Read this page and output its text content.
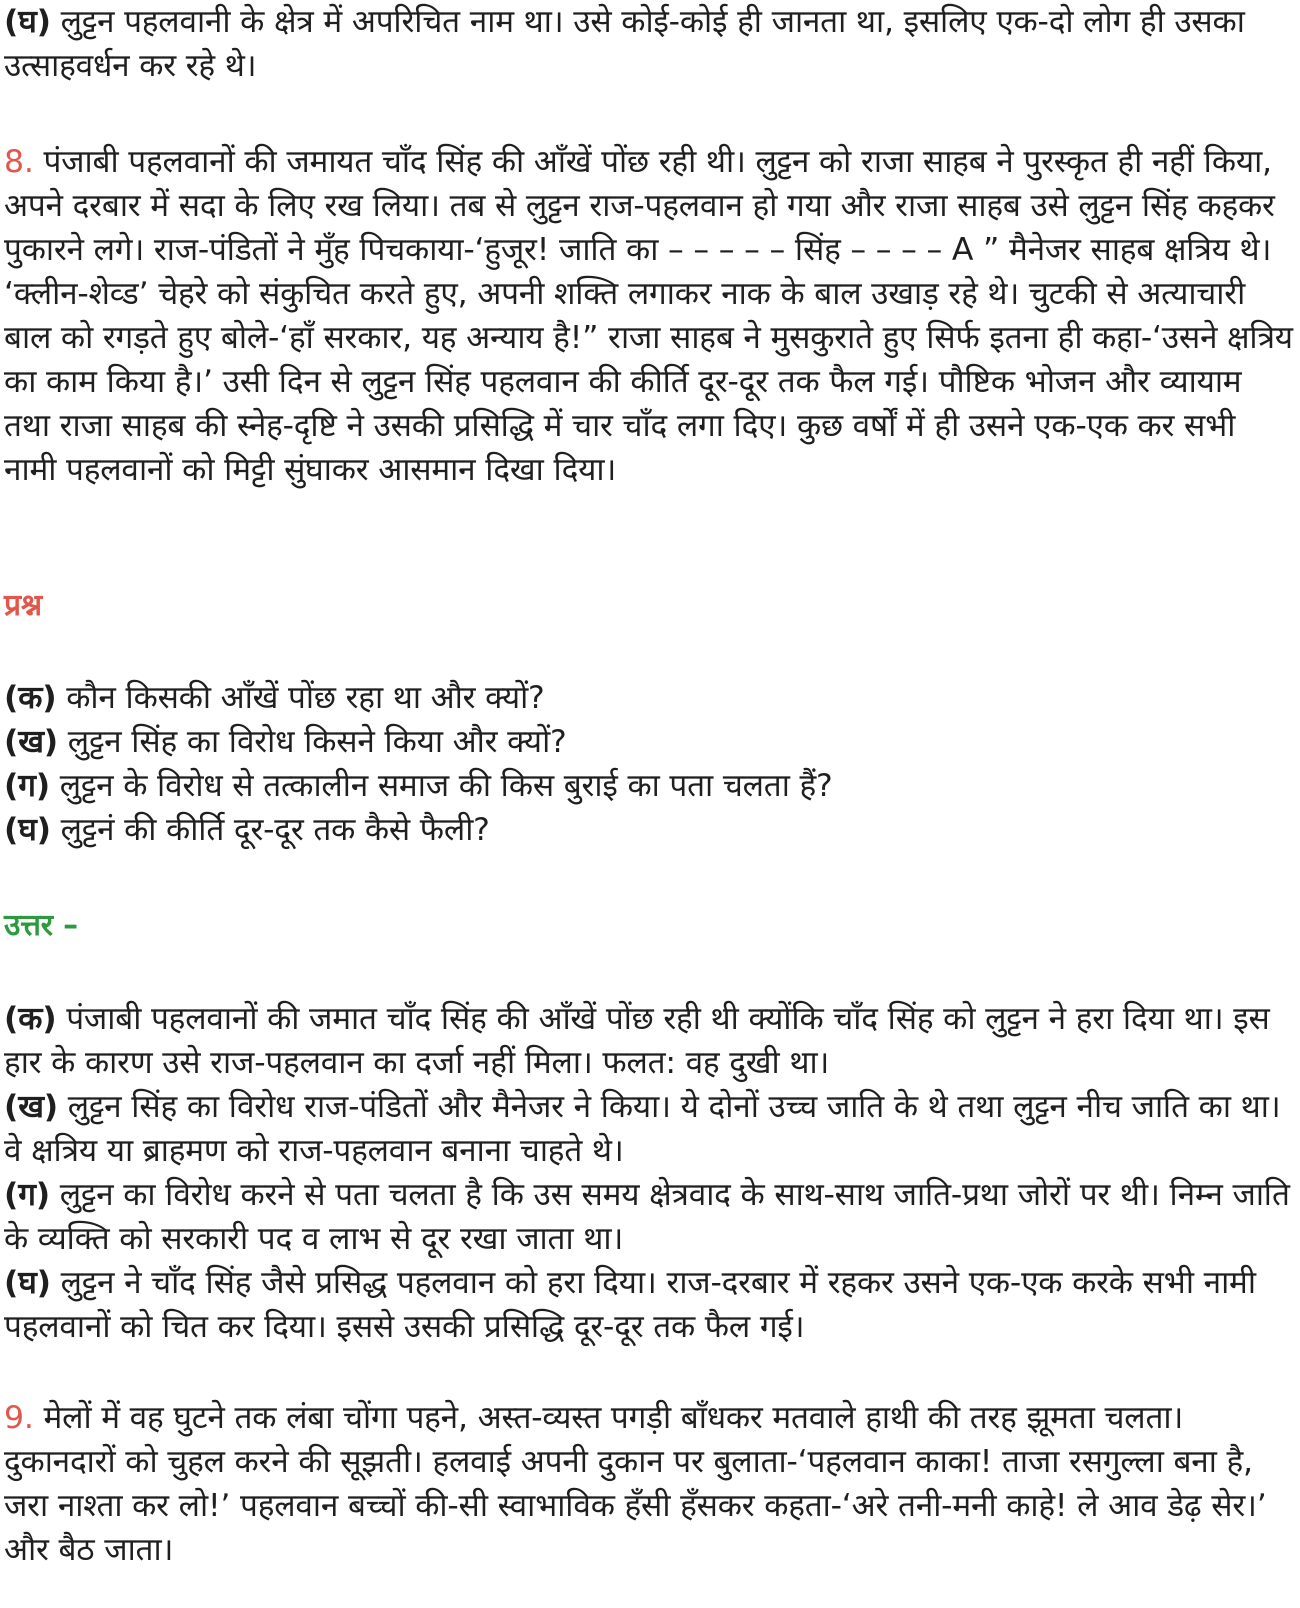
(घ) लुट्टन पहलवानी के क्षेत्र में अपरिचित नाम था। उसे कोई-कोई ही जानता था, इसलिए एक-दो लोग ही उसका उत्साहवर्धन कर रहे थे।

8. पंजाबी पहलवानों की जमायत चाँद सिंह की आँखें पोंछ रही थी। लुट्टन को राजा साहब ने पुरस्कृत ही नहीं किया, अपने दरबार में सदा के लिए रख लिया। तब से लुट्टन राज-पहलवान हो गया और राजा साहब उसे लुट्टन सिंह कहकर पुकारने लगे। राज-पंडितों ने मुँह पिचकाया-‘हुजूर! जाति का – – – – – सिंह – – – – A ” मैनेजर साहब क्षत्रिय थे। ‘क्लीन-शेव्ड’ चेहरे को संकुचित करते हुए, अपनी शक्ति लगाकर नाक के बाल उखाड़ रहे थे। चुटकी से अत्याचारी बाल को रगड़ते हुए बोले-‘हाँ सरकार, यह अन्याय है!” राजा साहब ने मुसकुराते हुए सिर्फ इतना ही कहा-‘उसने क्षत्रिय का काम किया है।’ उसी दिन से लुट्टन सिंह पहलवान की कीर्ति दूर-दूर तक फैल गई। पौष्टिक भोजन और व्यायाम तथा राजा साहब की स्नेह-दृष्टि ने उसकी प्रसिद्धि में चार चाँद लगा दिए। कुछ वर्षों में ही उसने एक-एक कर सभी नामी पहलवानों को मिट्टी सुंघाकर आसमान दिखा दिया।

प्रश्न

(क) कौन किसकी आँखें पोंछ रहा था और क्यों?

(ख) लुट्टन सिंह का विरोध किसने किया और क्यों?

(ग) लुट्टन के विरोध से तत्कालीन समाज की किस बुराई का पता चलता हैं?

(घ) लुट्टनं की कीर्ति दूर-दूर तक कैसे फैली?

उत्तर –

(क) पंजाबी पहलवानों की जमात चाँद सिंह की आँखें पोंछ रही थी क्योंकि चाँद सिंह को लुट्टन ने हरा दिया था। इस हार के कारण उसे राज-पहलवान का दर्जा नहीं मिला। फलत: वह दुखी था।

(ख) लुट्टन सिंह का विरोध राज-पंडितों और मैनेजर ने किया। ये दोनों उच्च जाति के थे तथा लुट्टन नीच जाति का था। वे क्षत्रिय या ब्राहमण को राज-पहलवान बनाना चाहते थे।

(ग) लुट्टन का विरोध करने से पता चलता है कि उस समय क्षेत्रवाद के साथ-साथ जाति-प्रथा जोरों पर थी। निम्न जाति के व्यक्ति को सरकारी पद व लाभ से दूर रखा जाता था।

(घ) लुट्टन ने चाँद सिंह जैसे प्रसिद्ध पहलवान को हरा दिया। राज-दरबार में रहकर उसने एक-एक करके सभी नामी पहलवानों को चित कर दिया। इससे उसकी प्रसिद्धि दूर-दूर तक फैल गई।

9. मेलों में वह घुटने तक लंबा चोंगा पहने, अस्त-व्यस्त पगड़ी बाँधकर मतवाले हाथी की तरह झूमता चलता। दुकानदारों को चुहल करने की सूझती। हलवाई अपनी दुकान पर बुलाता-‘पहलवान काका! ताजा रसगुल्ला बना है, जरा नाश्ता कर लो!’ पहलवान बच्चों की-सी स्वाभाविक हँसी हँसकर कहता-‘अरे तनी-मनी काहे! ले आव डेढ़ सेर।’ और बैठ जाता।
